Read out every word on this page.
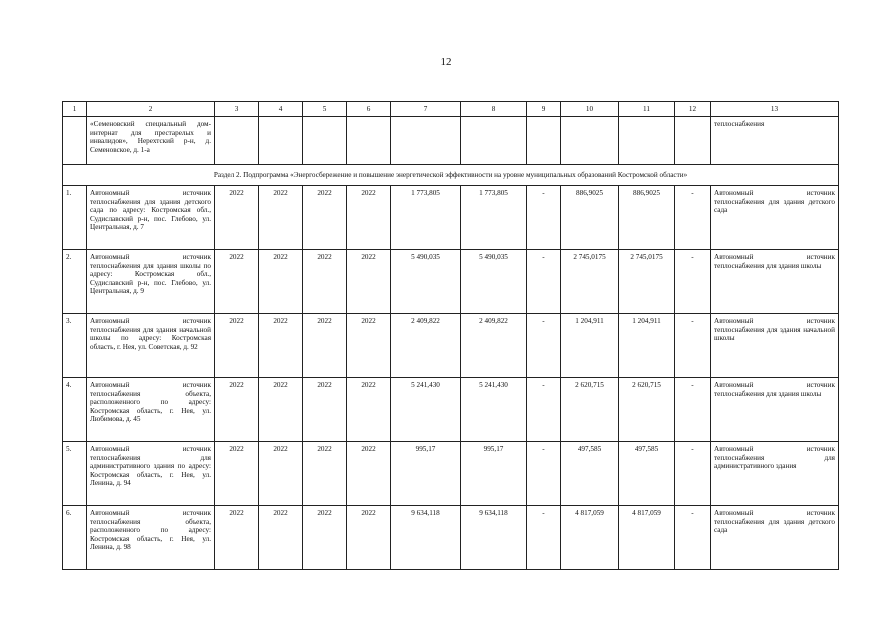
12
1	2	3	4	5	6	7	8	9	10	11	12	13
	«Семеновский специальный дом-интернат для престарелых и инвалидов», Нерехтский р-н, д. Семеновское, д. 1-а											теплоснабжения
Раздел 2. Подпрограмма «Энергосбережение и повышение энергетической эффективности на уровне муниципальных образований Костромской области»												
1.	Автономный источник теплоснабжения для здания детского сада по адресу: Костромская обл., Судиславский р-н, пос. Глебово, ул. Центральная, д. 7	2022	2022	2022	2022	1 773,805	1 773,805	-	886,9025	886,9025	-	Автономный источник теплоснабжения для здания детского сада
2.	Автономный источник теплоснабжения для здания школы по адресу: Костромская обл., Судиславский р-н, пос. Глебово, ул. Центральная, д. 9	2022	2022	2022	2022	5 490,035	5 490,035	-	2 745,0175	2 745,0175	-	Автономный источник теплоснабжения для здания школы
3.	Автономный источник теплоснабжения для здания начальной школы по адресу: Костромская область, г. Нея, ул. Советская, д. 92	2022	2022	2022	2022	2 409,822	2 409,822	-	1 204,911	1 204,911	-	Автономный источник теплоснабжения для здания начальной школы
4.	Автономный источник теплоснабжения объекта, расположенного по адресу: Костромская область, г. Нея, ул. Любимова, д. 45	2022	2022	2022	2022	5 241,430	5 241,430	-	2 620,715	2 620,715	-	Автономный источник теплоснабжения для здания школы
5.	Автономный источник теплоснабжения для административного здания по адресу: Костромская область, г. Нея, ул. Ленина, д. 94	2022	2022	2022	2022	995,17	995,17	-	497,585	497,585	-	Автономный источник теплоснабжения для административного здания
6.	Автономный источник теплоснабжения объекта, расположенного по адресу: Костромская область, г. Нея, ул. Ленина, д. 98	2022	2022	2022	2022	9 634,118	9 634,118	-	4 817,059	4 817,059	-	Автономный источник теплоснабжения для здания детского сада
